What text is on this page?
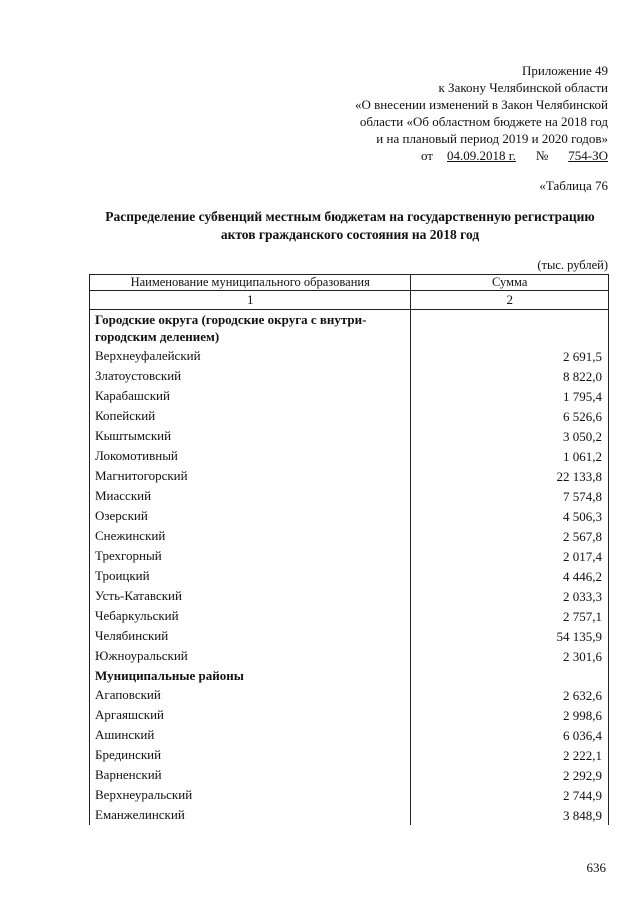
Приложение 49
к Закону Челябинской области
«О внесении изменений в Закон Челябинской
области «Об областном бюджете на 2018 год
и на плановый период 2019 и 2020 годов»
от 04.09.2018 г. № 754-ЗО
«Таблица 76
Распределение субвенций местным бюджетам на государственную регистрацию
актов гражданского состояния на 2018 год
(тыс. рублей)
Наименование муниципального образования	Сумма
1	2
Городские округа (городские округа с внутри-городским делением)	
Верхнеуфалейский	2 691,5
Златоустовский	8 822,0
Карабашский	1 795,4
Копейский	6 526,6
Кыштымский	3 050,2
Локомотивный	1 061,2
Магнитогорский	22 133,8
Миасский	7 574,8
Озерский	4 506,3
Снежинский	2 567,8
Трехгорный	2 017,4
Троицкий	4 446,2
Усть-Катавский	2 033,3
Чебаркульский	2 757,1
Челябинский	54 135,9
Южноуральский	2 301,6
Муниципальные районы	
Агаповский	2 632,6
Аргаяшский	2 998,6
Ашинский	6 036,4
Брединский	2 222,1
Варненский	2 292,9
Верхнеуральский	2 744,9
Еманжелинский	3 848,9
636
